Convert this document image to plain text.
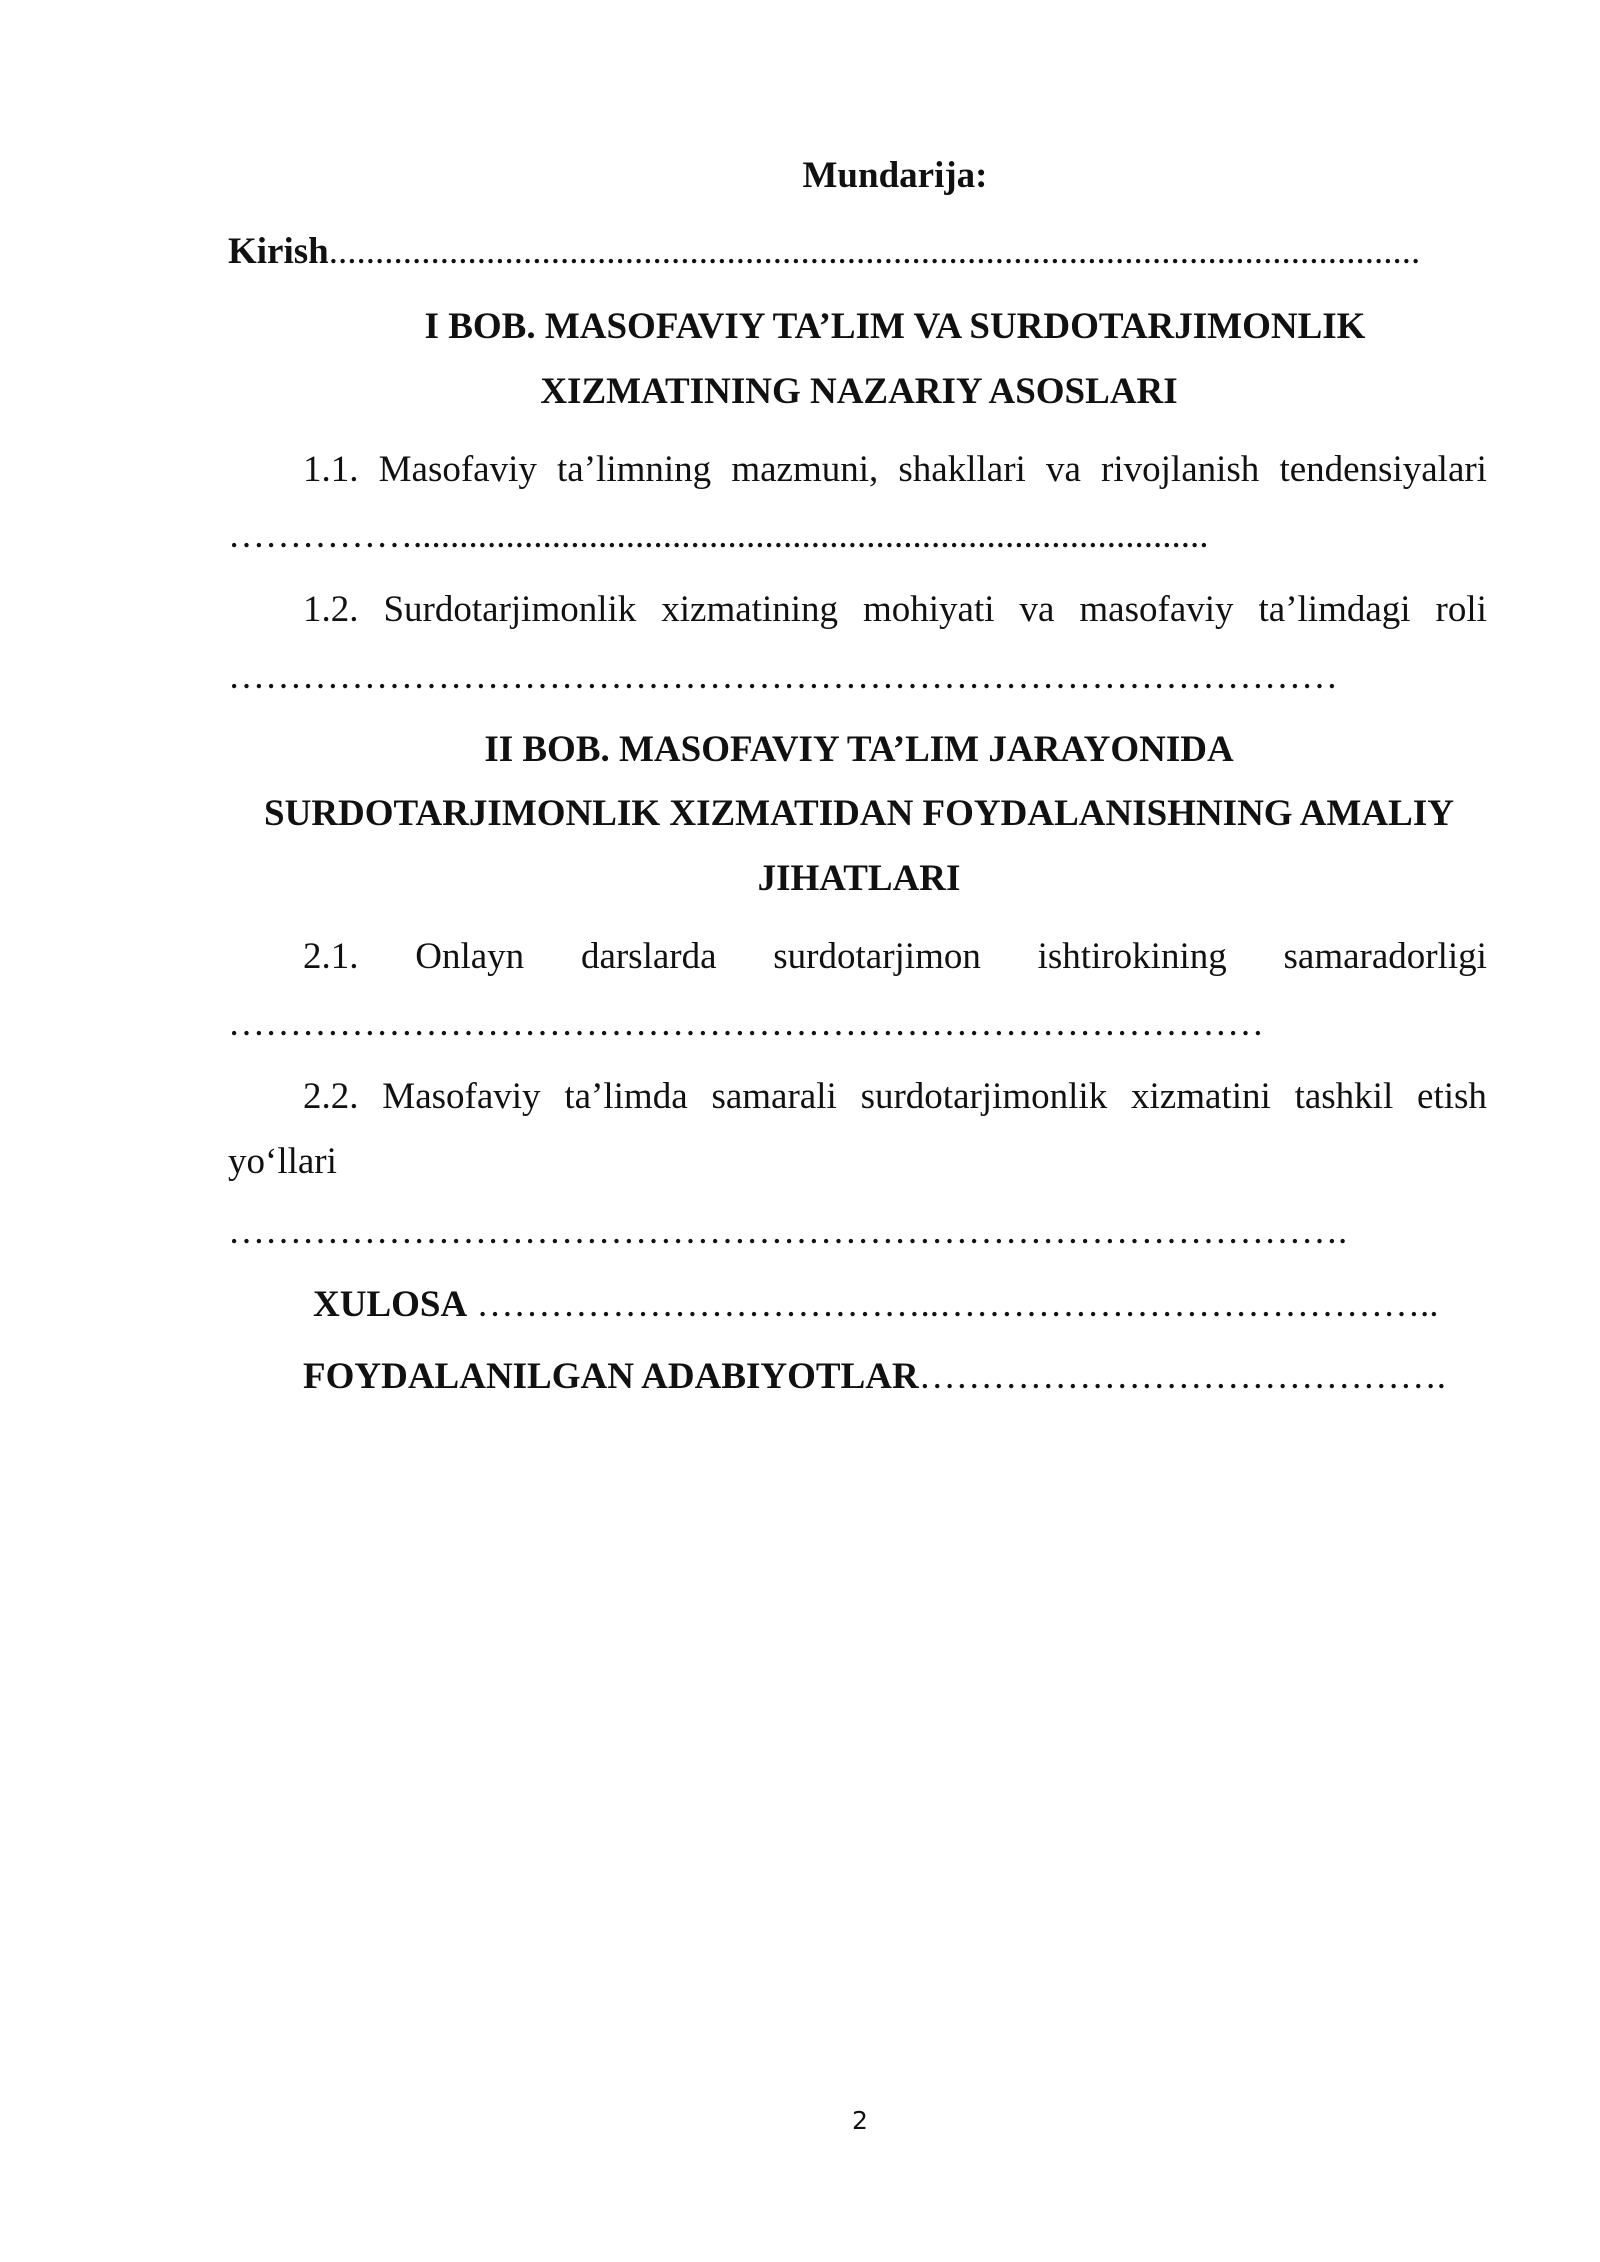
Mundarija:
Kirish......................................................................................................................
I BOB. MASOFAVIY TA’LIM VA SURDOTARJIMONLIK
XIZMATINING NAZARIY ASOSLARI
1.1. Masofaviy ta’limning mazmuni, shakllari va rivojlanish tendensiyalari
……………......................................................................................
1.2. Surdotarjimonlik xizmatining mohiyati va masofaviy ta’limdagi roli
………………………………………………………………………………
II BOB. MASOFAVIY TA’LIM JARAYONIDA
SURDOTARJIMONLIK XIZMATIDAN FOYDALANISHNING AMALIY
JIHATLARI
2.1. Onlayn darslarda surdotarjimon ishtirokining samaradorligi
…………………………………………………………………………
2.2. Masofaviy ta’limda samarali surdotarjimonlik xizmatini tashkil etish
yo‘llari
……………………………………………………………………………….
XULOSA ………………………………..…………………………………..
FOYDALANILGAN ADABIYOTLAR…………………………………….
2
